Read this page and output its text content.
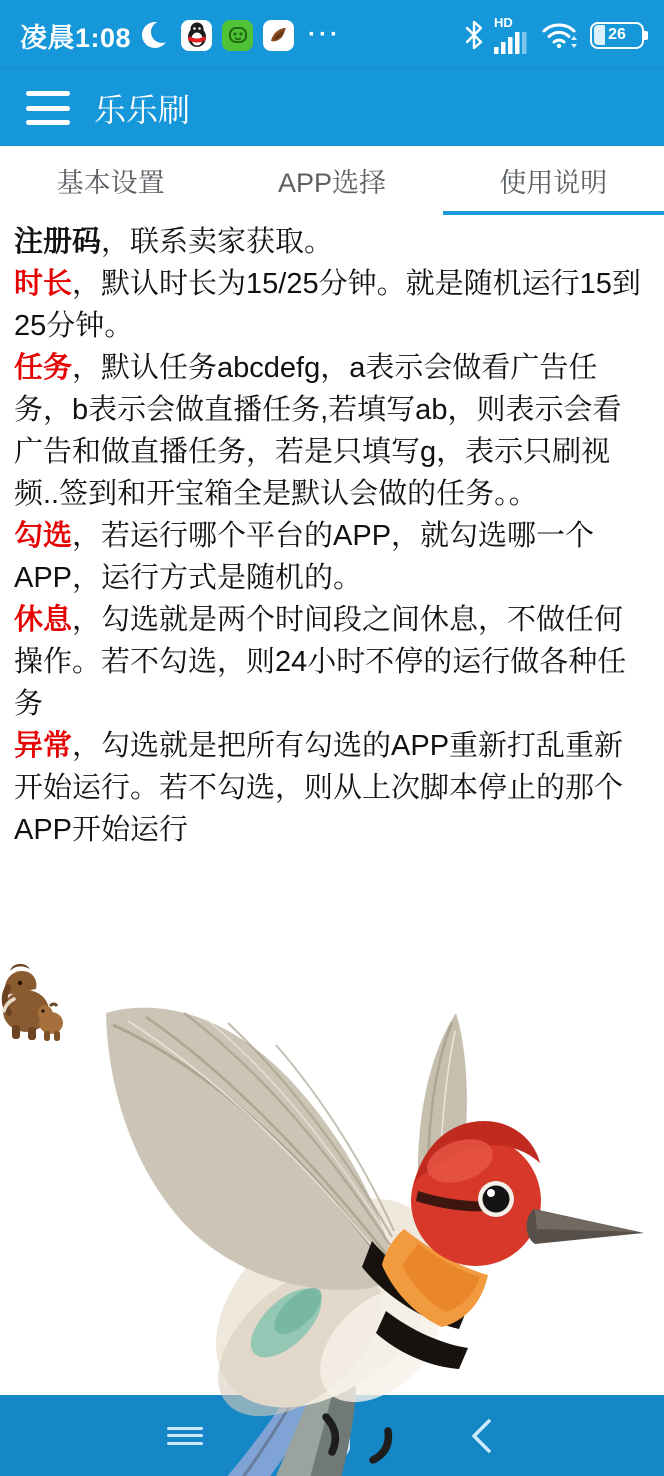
凌晨1:08	···	HD
26
乐乐刷
基本设置	APP选择	使用说明

注册码，联系卖家获取。

时长，默认时长为15/25分钟。就是随机运行15到25分钟。

任务，默认任务abcdefg，a表示会做看广告任务，b表示会做直播任务,若填写ab，则表示会看广告和做直播任务，若是只填写g，表示只刷视频..签到和开宝箱全是默认会做的任务。。

勾选，若运行哪个平台的APP，就勾选哪一个APP，运行方式是随机的。

休息，勾选就是两个时间段之间休息，不做任何操作。若不勾选，则24小时不停的运行做各种任务

异常，勾选就是把所有勾选的APP重新打乱重新开始运行。若不勾选，则从上次脚本停止的那个APP开始运行
